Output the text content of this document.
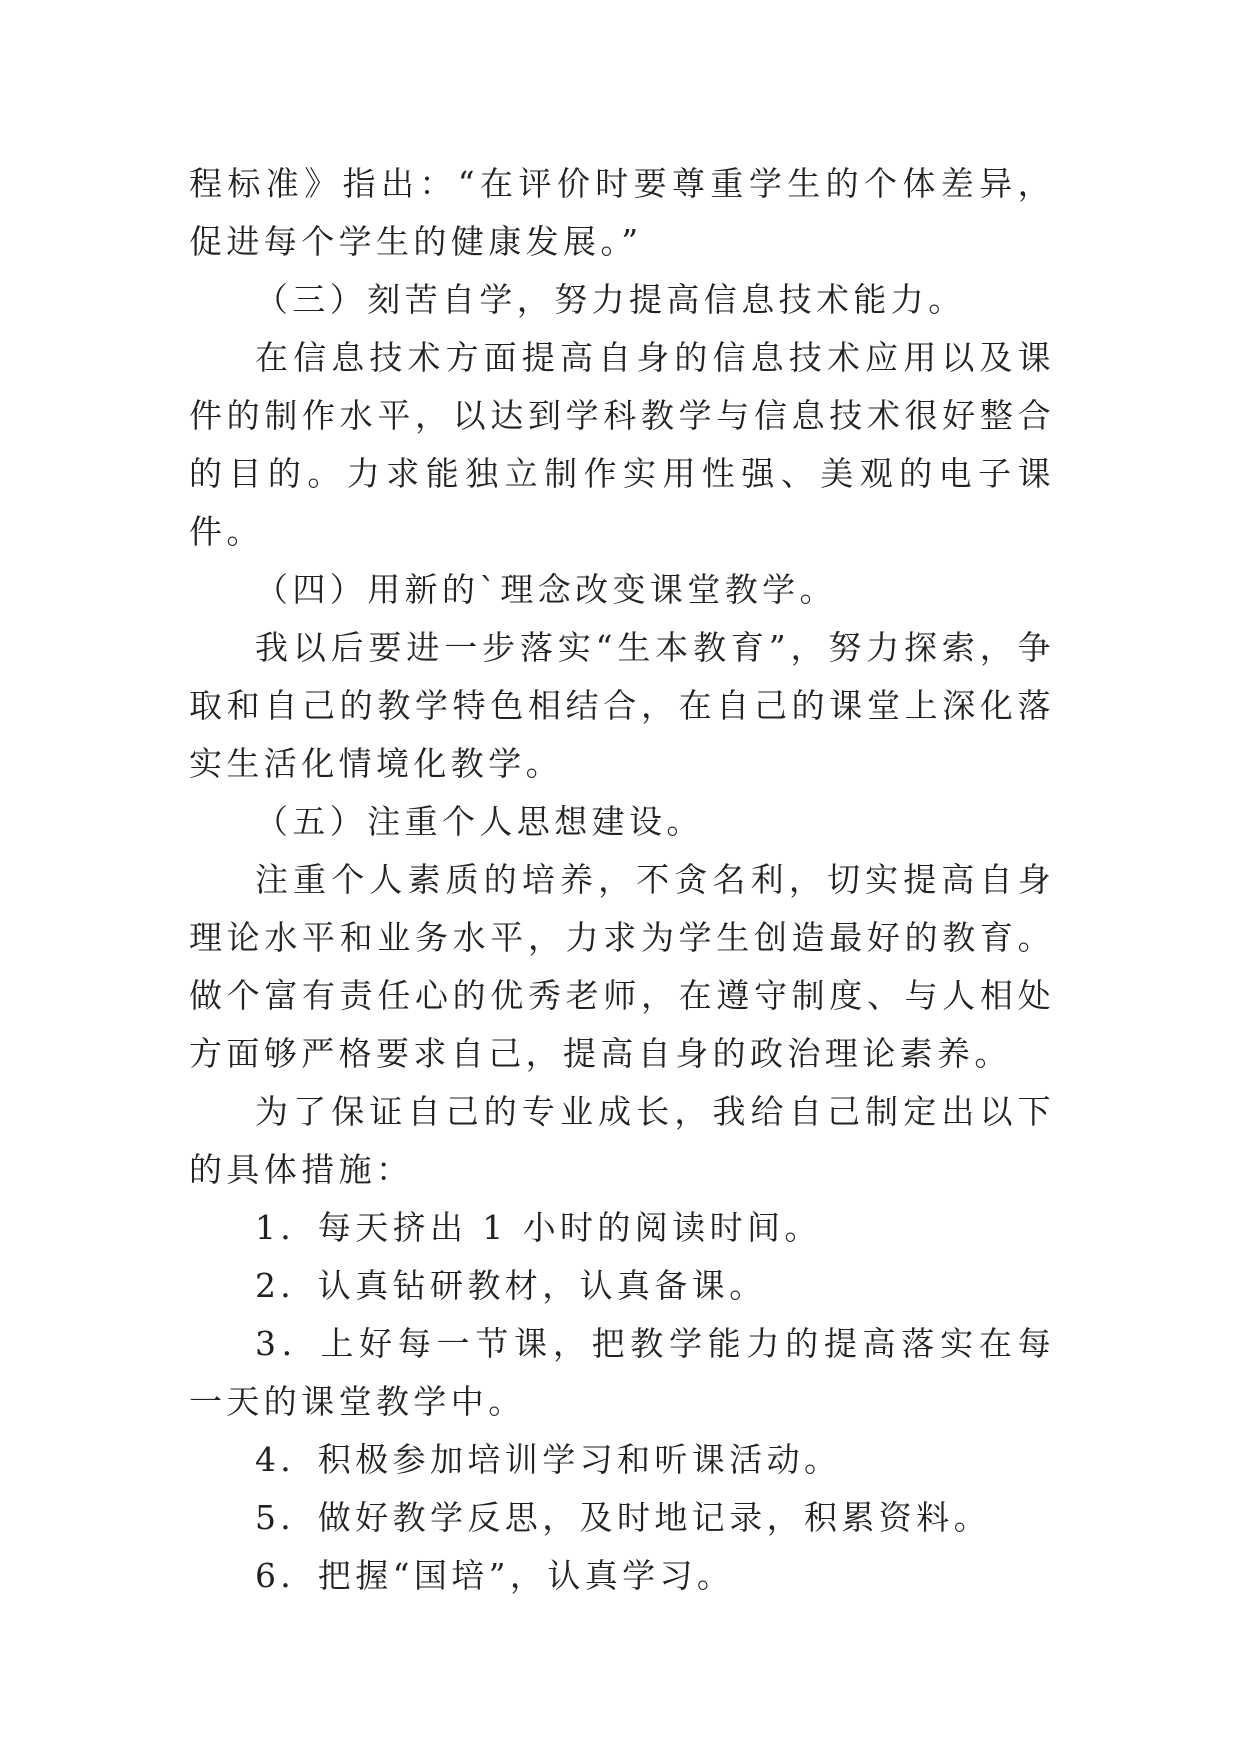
程标准》指出：“在评价时要尊重学生的个体差异，促进每个学生的健康发展。”

（三）刻苦自学，努力提高信息技术能力。

在信息技术方面提高自身的信息技术应用以及课件的制作水平，以达到学科教学与信息技术很好整合的目的。力求能独立制作实用性强、美观的电子课件。

（四）用新的`理念改变课堂教学。

我以后要进一步落实“生本教育”，努力探索，争取和自己的教学特色相结合，在自己的课堂上深化落实生活化情境化教学。

（五）注重个人思想建设。

注重个人素质的培养，不贪名利，切实提高自身理论水平和业务水平，力求为学生创造最好的教育。做个富有责任心的优秀老师，在遵守制度、与人相处方面够严格要求自己，提高自身的政治理论素养。

为了保证自己的专业成长，我给自己制定出以下的具体措施：

1．每天挤出 1 小时的阅读时间。

2．认真钻研教材，认真备课。

3．上好每一节课，把教学能力的提高落实在每一天的课堂教学中。

4．积极参加培训学习和听课活动。

5．做好教学反思，及时地记录，积累资料。

6．把握“国培”，认真学习。
